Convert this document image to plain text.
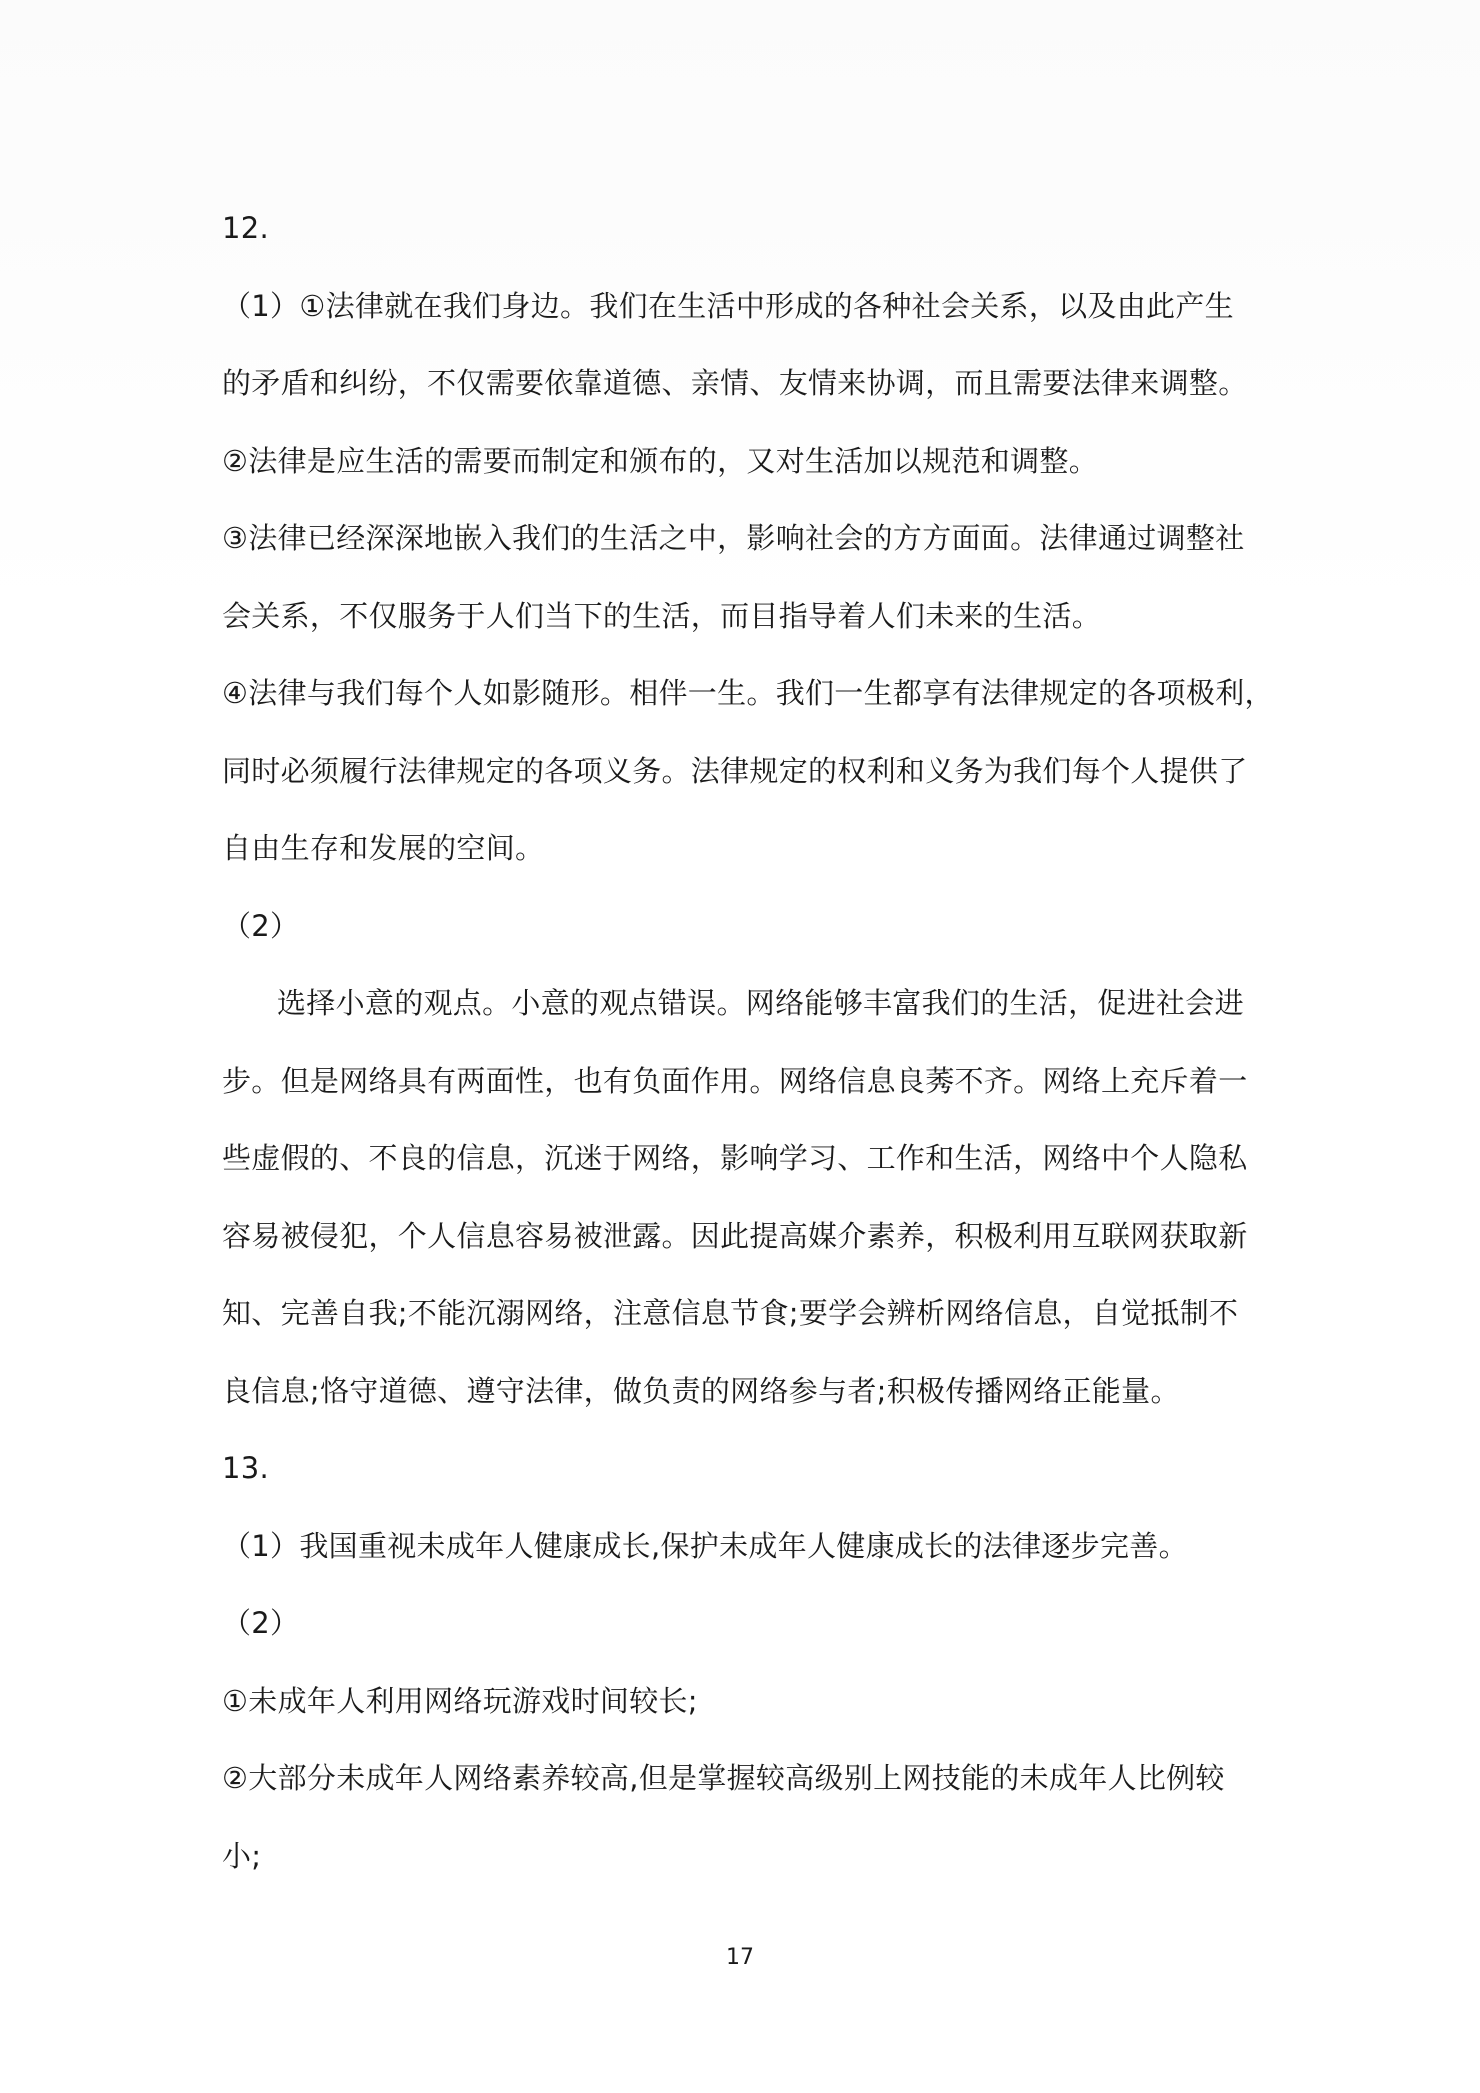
12.
（1）①法律就在我们身边。我们在生活中形成的各种社会关系，以及由此产生
的矛盾和纠纷，不仅需要依靠道德、亲情、友情来协调，而且需要法律来调整。
②法律是应生活的需要而制定和颁布的，又对生活加以规范和调整。
③法律已经深深地嵌入我们的生活之中，影响社会的方方面面。法律通过调整社
会关系，不仅服务于人们当下的生活，而目指导着人们未来的生活。
④法律与我们每个人如影随形。相伴一生。我们一生都享有法律规定的各项极利，
同时必须履行法律规定的各项义务。法律规定的权利和义务为我们每个人提供了
自由生存和发展的空间。
（2）
选择小意的观点。小意的观点错误。网络能够丰富我们的生活，促进社会进
步。但是网络具有两面性，也有负面作用。网络信息良莠不齐。网络上充斥着一
些虚假的、不良的信息，沉迷于网络，影响学习、工作和生活，网络中个人隐私
容易被侵犯，个人信息容易被泄露。因此提高媒介素养，积极利用互联网获取新
知、完善自我;不能沉溺网络，注意信息节食;要学会辨析网络信息，自觉抵制不
良信息;恪守道德、遵守法律，做负责的网络参与者;积极传播网络正能量。
13.
（1）我国重视未成年人健康成长,保护未成年人健康成长的法律逐步完善。
（2）
①未成年人利用网络玩游戏时间较长;
②大部分未成年人网络素养较高,但是掌握较高级别上网技能的未成年人比例较
小;
17
